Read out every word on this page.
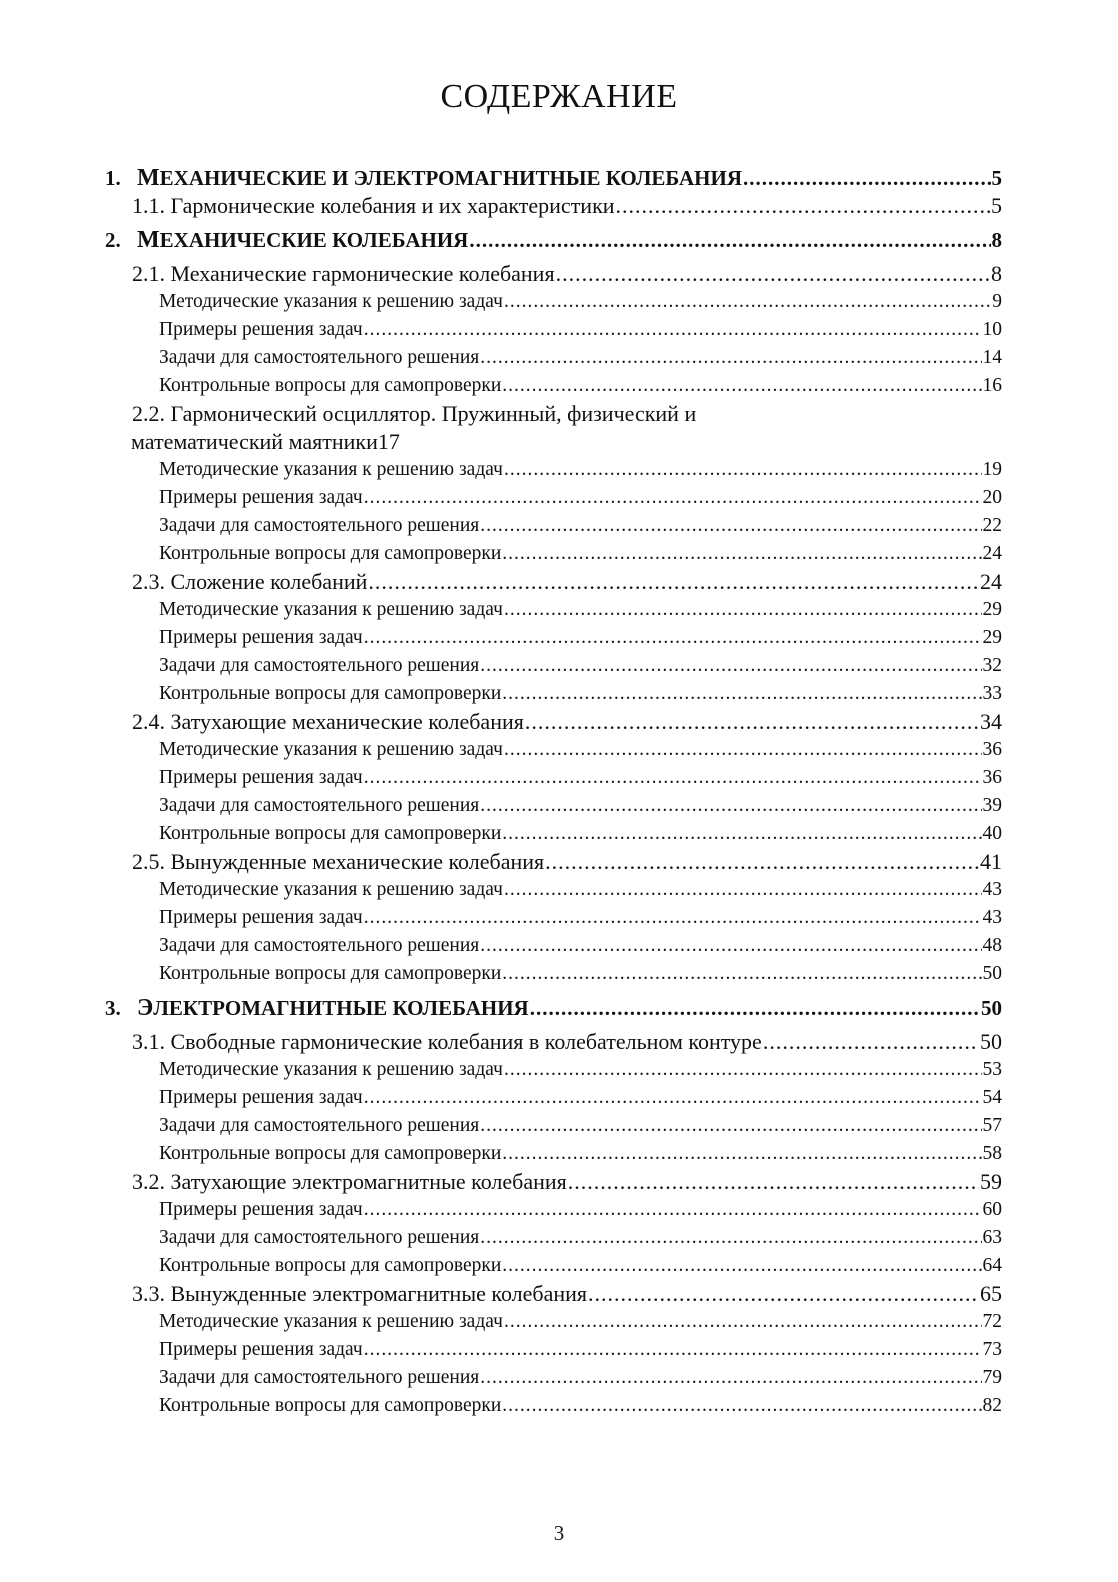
СОДЕРЖАНИЕ
1. МЕХАНИЧЕСКИЕ И ЭЛЕКТРОМАГНИТНЫЕ КОЛЕБАНИЯ .....	5
1.1. Гармонические колебания и их характеристики .....	5
2. МЕХАНИЧЕСКИЕ КОЛЕБАНИЯ .....	8
2.1. Механические гармонические колебания .....	8
Методические указания к решению задач .....	9
Примеры решения задач .....	10
Задачи для самостоятельного решения .....	14
Контрольные вопросы для самопроверки .....	16
2.2. Гармонический осциллятор. Пружинный, физический и
математический маятники 17
Методические указания к решению задач .....	19
Примеры решения задач .....	20
Задачи для самостоятельного решения .....	22
Контрольные вопросы для самопроверки .....	24
2.3. Сложение колебаний .....	24
Методические указания к решению задач .....	29
Примеры решения задач .....	29
Задачи для самостоятельного решения .....	32
Контрольные вопросы для самопроверки .....	33
2.4. Затухающие механические колебания .....	34
Методические указания к решению задач .....	36
Примеры решения задач .....	36
Задачи для самостоятельного решения .....	39
Контрольные вопросы для самопроверки .....	40
2.5. Вынужденные механические колебания .....	41
Методические указания к решению задач .....	43
Примеры решения задач .....	43
Задачи для самостоятельного решения .....	48
Контрольные вопросы для самопроверки .....	50
3. ЭЛЕКТРОМАГНИТНЫЕ КОЛЕБАНИЯ .....	50
3.1. Свободные гармонические колебания в колебательном контуре .....	50
Методические указания к решению задач .....	53
Примеры решения задач .....	54
Задачи для самостоятельного решения .....	57
Контрольные вопросы для самопроверки .....	58
3.2. Затухающие электромагнитные колебания .....	59
Примеры решения задач .....	60
Задачи для самостоятельного решения .....	63
Контрольные вопросы для самопроверки .....	64
3.3. Вынужденные электромагнитные колебания .....	65
Методические указания к решению задач .....	72
Примеры решения задач .....	73
Задачи для самостоятельного решения .....	79
Контрольные вопросы для самопроверки .....	82
3
